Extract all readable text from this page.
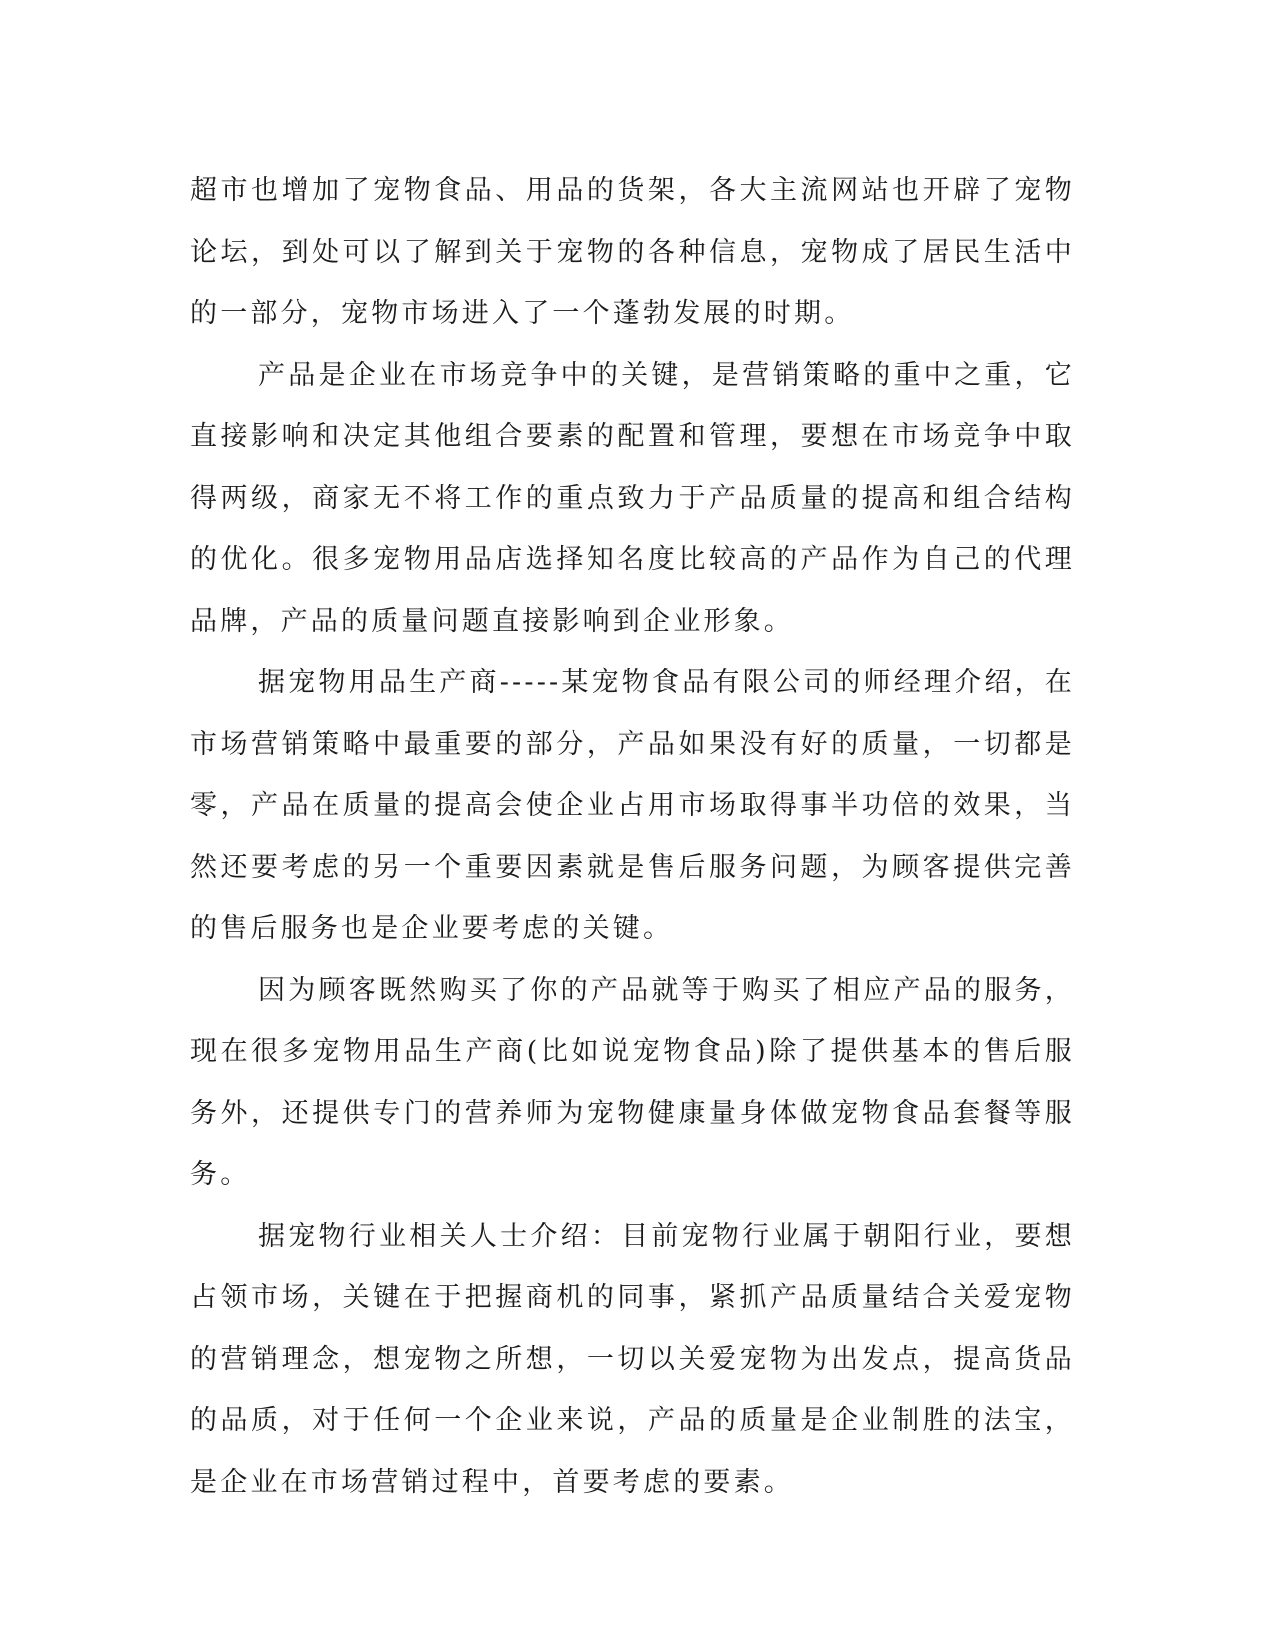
超市也增加了宠物食品、用品的货架，各大主流网站也开辟了宠物论坛，到处可以了解到关于宠物的各种信息，宠物成了居民生活中的一部分，宠物市场进入了一个蓬勃发展的时期。

产品是企业在市场竞争中的关键，是营销策略的重中之重，它直接影响和决定其他组合要素的配置和管理，要想在市场竞争中取得两级，商家无不将工作的重点致力于产品质量的提高和组合结构的优化。很多宠物用品店选择知名度比较高的产品作为自己的代理品牌，产品的质量问题直接影响到企业形象。

据宠物用品生产商-----某宠物食品有限公司的师经理介绍，在市场营销策略中最重要的部分，产品如果没有好的质量，一切都是零，产品在质量的提高会使企业占用市场取得事半功倍的效果，当然还要考虑的另一个重要因素就是售后服务问题，为顾客提供完善的售后服务也是企业要考虑的关键。

因为顾客既然购买了你的产品就等于购买了相应产品的服务，现在很多宠物用品生产商(比如说宠物食品)除了提供基本的售后服务外，还提供专门的营养师为宠物健康量身体做宠物食品套餐等服务。

据宠物行业相关人士介绍：目前宠物行业属于朝阳行业，要想占领市场，关键在于把握商机的同事，紧抓产品质量结合关爱宠物的营销理念，想宠物之所想，一切以关爱宠物为出发点，提高货品的品质，对于任何一个企业来说，产品的质量是企业制胜的法宝，是企业在市场营销过程中，首要考虑的要素。
